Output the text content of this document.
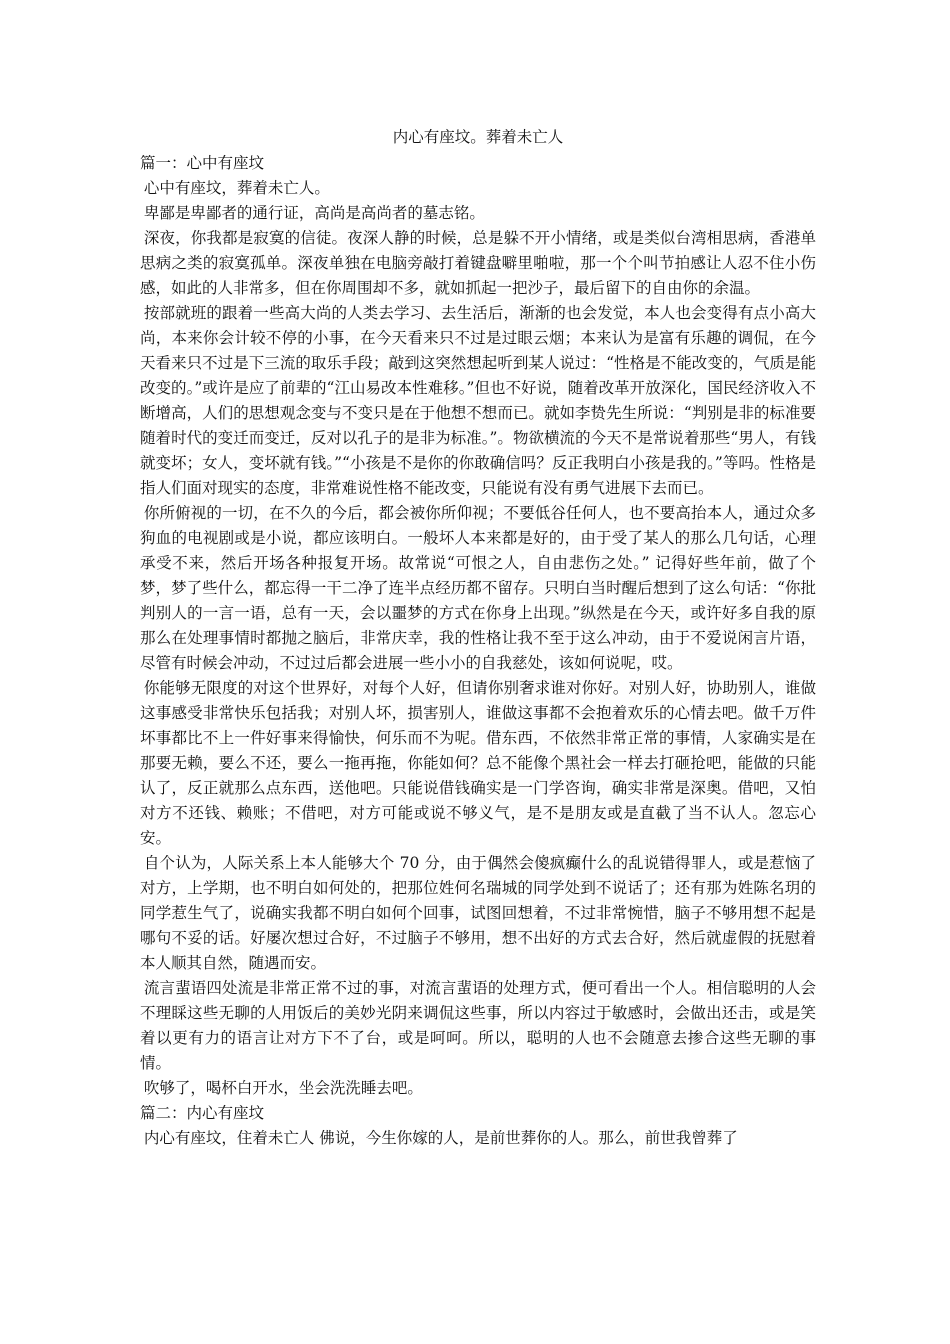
内心有座坟。葬着未亡人

篇一：心中有座坟

心中有座坟，葬着未亡人。

卑鄙是卑鄙者的通行证，高尚是高尚者的墓志铭。

深夜，你我都是寂寞的信徒。夜深人静的时候，总是躲不开小情绪，或是类似台湾相思病，香港单思病之类的寂寞孤单。深夜单独在电脑旁敲打着键盘噼里啪啦，那一个个叫节拍感让人忍不住小伤感，如此的人非常多，但在你周围却不多，就如抓起一把沙子，最后留下的自由你的余温。

按部就班的跟着一些高大尚的人类去学习、去生活后，渐渐的也会发觉，本人也会变得有点小高大尚，本来你会计较不停的小事，在今天看来只不过是过眼云烟；本来认为是富有乐趣的调侃，在今天看来只不过是下三流的取乐手段；敲到这突然想起听到某人说过：“性格是不能改变的，气质是能改变的。”或许是应了前辈的“江山易改本性难移。”但也不好说，随着改革开放深化，国民经济收入不断增高，人们的思想观念变与不变只是在于他想不想而已。就如李贽先生所说：“判别是非的标准要随着时代的变迁而变迁，反对以孔子的是非为标准。”。物欲横流的今天不是常说着那些“男人，有钱就变坏；女人，变坏就有钱。”“小孩是不是你的你敢确信吗？反正我明白小孩是我的。”等吗。性格是指人们面对现实的态度，非常难说性格不能改变，只能说有没有勇气进展下去而已。

你所俯视的一切，在不久的今后，都会被你所仰视；不要低谷任何人，也不要高抬本人，通过众多狗血的电视剧或是小说，都应该明白。一般坏人本来都是好的，由于受了某人的那么几句话，心理承受不来，然后开场各种报复开场。故常说“可恨之人，自由悲伤之处。” 记得好些年前，做了个梦，梦了些什么，都忘得一干二净了连半点经历都不留存。只明白当时醒后想到了这么句话：“你批判别人的一言一语，总有一天，会以噩梦的方式在你身上出现。”纵然是在今天，或许好多自我的原那么在处理事情时都抛之脑后，非常庆幸，我的性格让我不至于这么冲动，由于不爱说闲言片语，尽管有时候会冲动，不过过后都会进展一些小小的自我慈处，该如何说呢，哎。

你能够无限度的对这个世界好，对每个人好，但请你别奢求谁对你好。对别人好，协助别人，谁做这事感受非常快乐包括我；对别人坏，损害别人，谁做这事都不会抱着欢乐的心情去吧。做千万件坏事都比不上一件好事来得愉快，何乐而不为呢。借东西，不依然非常正常的事情，人家确实是在那要无赖，要么不还，要么一拖再拖，你能如何？总不能像个黑社会一样去打砸抢吧，能做的只能认了，反正就那么点东西，送他吧。只能说借钱确实是一门学咨询，确实非常是深奥。借吧，又怕对方不还钱、赖账；不借吧，对方可能或说不够义气，是不是朋友或是直截了当不认人。忽忘心安。

自个认为，人际关系上本人能够大个 70 分，由于偶然会傻疯癫什么的乱说错得罪人，或是惹恼了对方，上学期，也不明白如何处的，把那位姓何名瑞城的同学处到不说话了；还有那为姓陈名玥的同学惹生气了，说确实我都不明白如何个回事，试图回想着，不过非常惋惜，脑子不够用想不起是哪句不妥的话。好屡次想过合好，不过脑子不够用，想不出好的方式去合好，然后就虚假的抚慰着本人顺其自然，随遇而安。

流言蜚语四处流是非常正常不过的事，对流言蜚语的处理方式，便可看出一个人。相信聪明的人会不理睬这些无聊的人用饭后的美妙光阴来调侃这些事，所以内容过于敏感时，会做出还击，或是笑着以更有力的语言让对方下不了台，或是呵呵。所以，聪明的人也不会随意去掺合这些无聊的事情。

吹够了，喝杯白开水，坐会洗洗睡去吧。

篇二：内心有座坟

内心有座坟，住着未亡人 佛说，今生你嫁的人，是前世葬你的人。那么，前世我曾葬了
